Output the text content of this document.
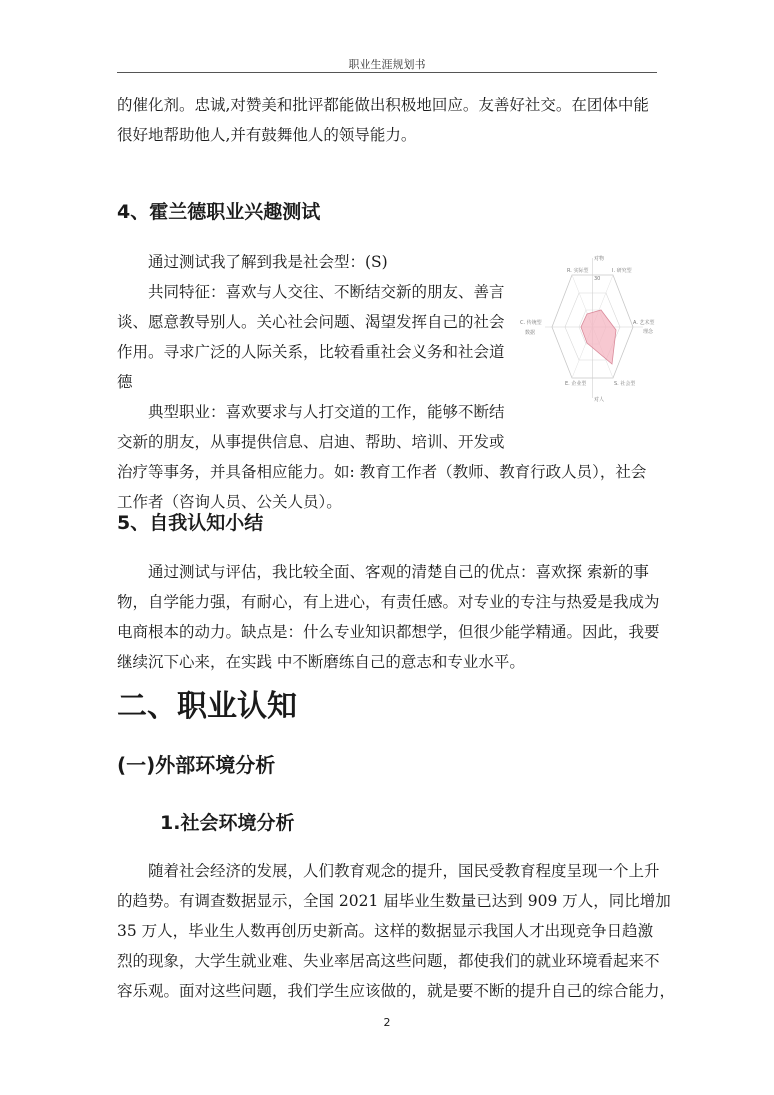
职业生涯规划书
的催化剂。忠诚,对赞美和批评都能做出积极地回应。友善好社交。在团体中能
很好地帮助他人,并有鼓舞他人的领导能力。
4、霍兰德职业兴趣测试
通过测试我了解到我是社会型：(S)
共同特征：喜欢与人交往、不断结交新的朋友、善言
谈、愿意教导别人。关心社会问题、渴望发挥自己的社会
作用。寻求广泛的人际关系，比较看重社会义务和社会道
德
典型职业：喜欢要求与人打交道的工作，能够不断结
交新的朋友，从事提供信息、启迪、帮助、培训、开发或
治疗等事务，并具备相应能力。如: 教育工作者（教师、教育行政人员），社会
工作者（咨询人员、公关人员）。
30
对物
R. 实际型	I. 研究型
A. 艺术型
理念
S. 社会型
E. 企业型
C. 传统型
数据
对人
5、自我认知小结
通过测试与评估，我比较全面、客观的清楚自己的优点：喜欢探 索新的事
物，自学能力强，有耐心，有上进心，有责任感。对专业的专注与热爱是我成为
电商根本的动力。缺点是：什么专业知识都想学，但很少能学精通。因此，我要
继续沉下心来，在实践 中不断磨练自己的意志和专业水平。
二、职业认知
(一)外部环境分析
1.社会环境分析
随着社会经济的发展，人们教育观念的提升，国民受教育程度呈现一个上升
的趋势。有调查数据显示，全国 2021 届毕业生数量已达到 909 万人，同比增加
35 万人，毕业生人数再创历史新高。这样的数据显示我国人才出现竞争日趋激
烈的现象，大学生就业难、失业率居高这些问题，都使我们的就业环境看起来不
容乐观。面对这些问题，我们学生应该做的，就是要不断的提升自己的综合能力，
2
